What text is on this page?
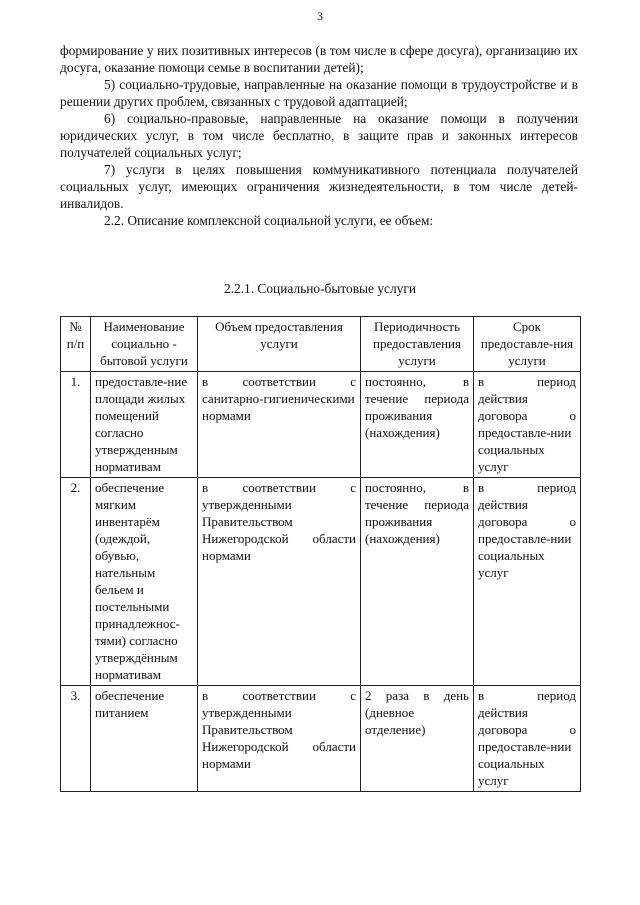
3

формирование у них позитивных интересов (в том числе в сфере досуга), организацию их досуга, оказание помощи семье в воспитании детей);

5) социально-трудовые, направленные на оказание помощи в трудоустройстве и в решении других проблем, связанных с трудовой адаптацией;

6) социально-правовые, направленные на оказание помощи в получении юридических услуг, в том числе бесплатно, в защите прав и законных интересов получателей социальных услуг;

7) услуги в целях повышения коммуникативного потенциала получателей социальных услуг, имеющих ограничения жизнедеятельности, в том числе детей-инвалидов.

2.2. Описание комплексной социальной услуги, ее объем:

2.2.1. Социально-бытовые услуги
№ п/п	Наименование социально - бытовой услуги	Объем предоставления услуги	Периодичность предоставления услуги	Срок предоставле-ния услуги
1.	предоставле-ние площади жилых помещений согласно утвержденным нормативам	в соответствии с санитарно-гигиеническими нормами	постоянно, в течение периода проживания (нахождения)	в период действия договора о предоставле-нии социальных услуг
2.	обеспечение мягким инвентарём (одеждой, обувью, нательным бельем и постельными принадлежнос-тями) согласно утверждённым нормативам	в соответствии с утвержденными Правительством Нижегородской области нормами	постоянно, в течение периода проживания (нахождения)	в период действия договора о предоставле-нии социальных услуг
3.	обеспечение питанием	в соответствии с утвержденными Правительством Нижегородской области нормами	2 раза в день (дневное отделение)	в период действия договора о предоставле-нии социальных услуг
